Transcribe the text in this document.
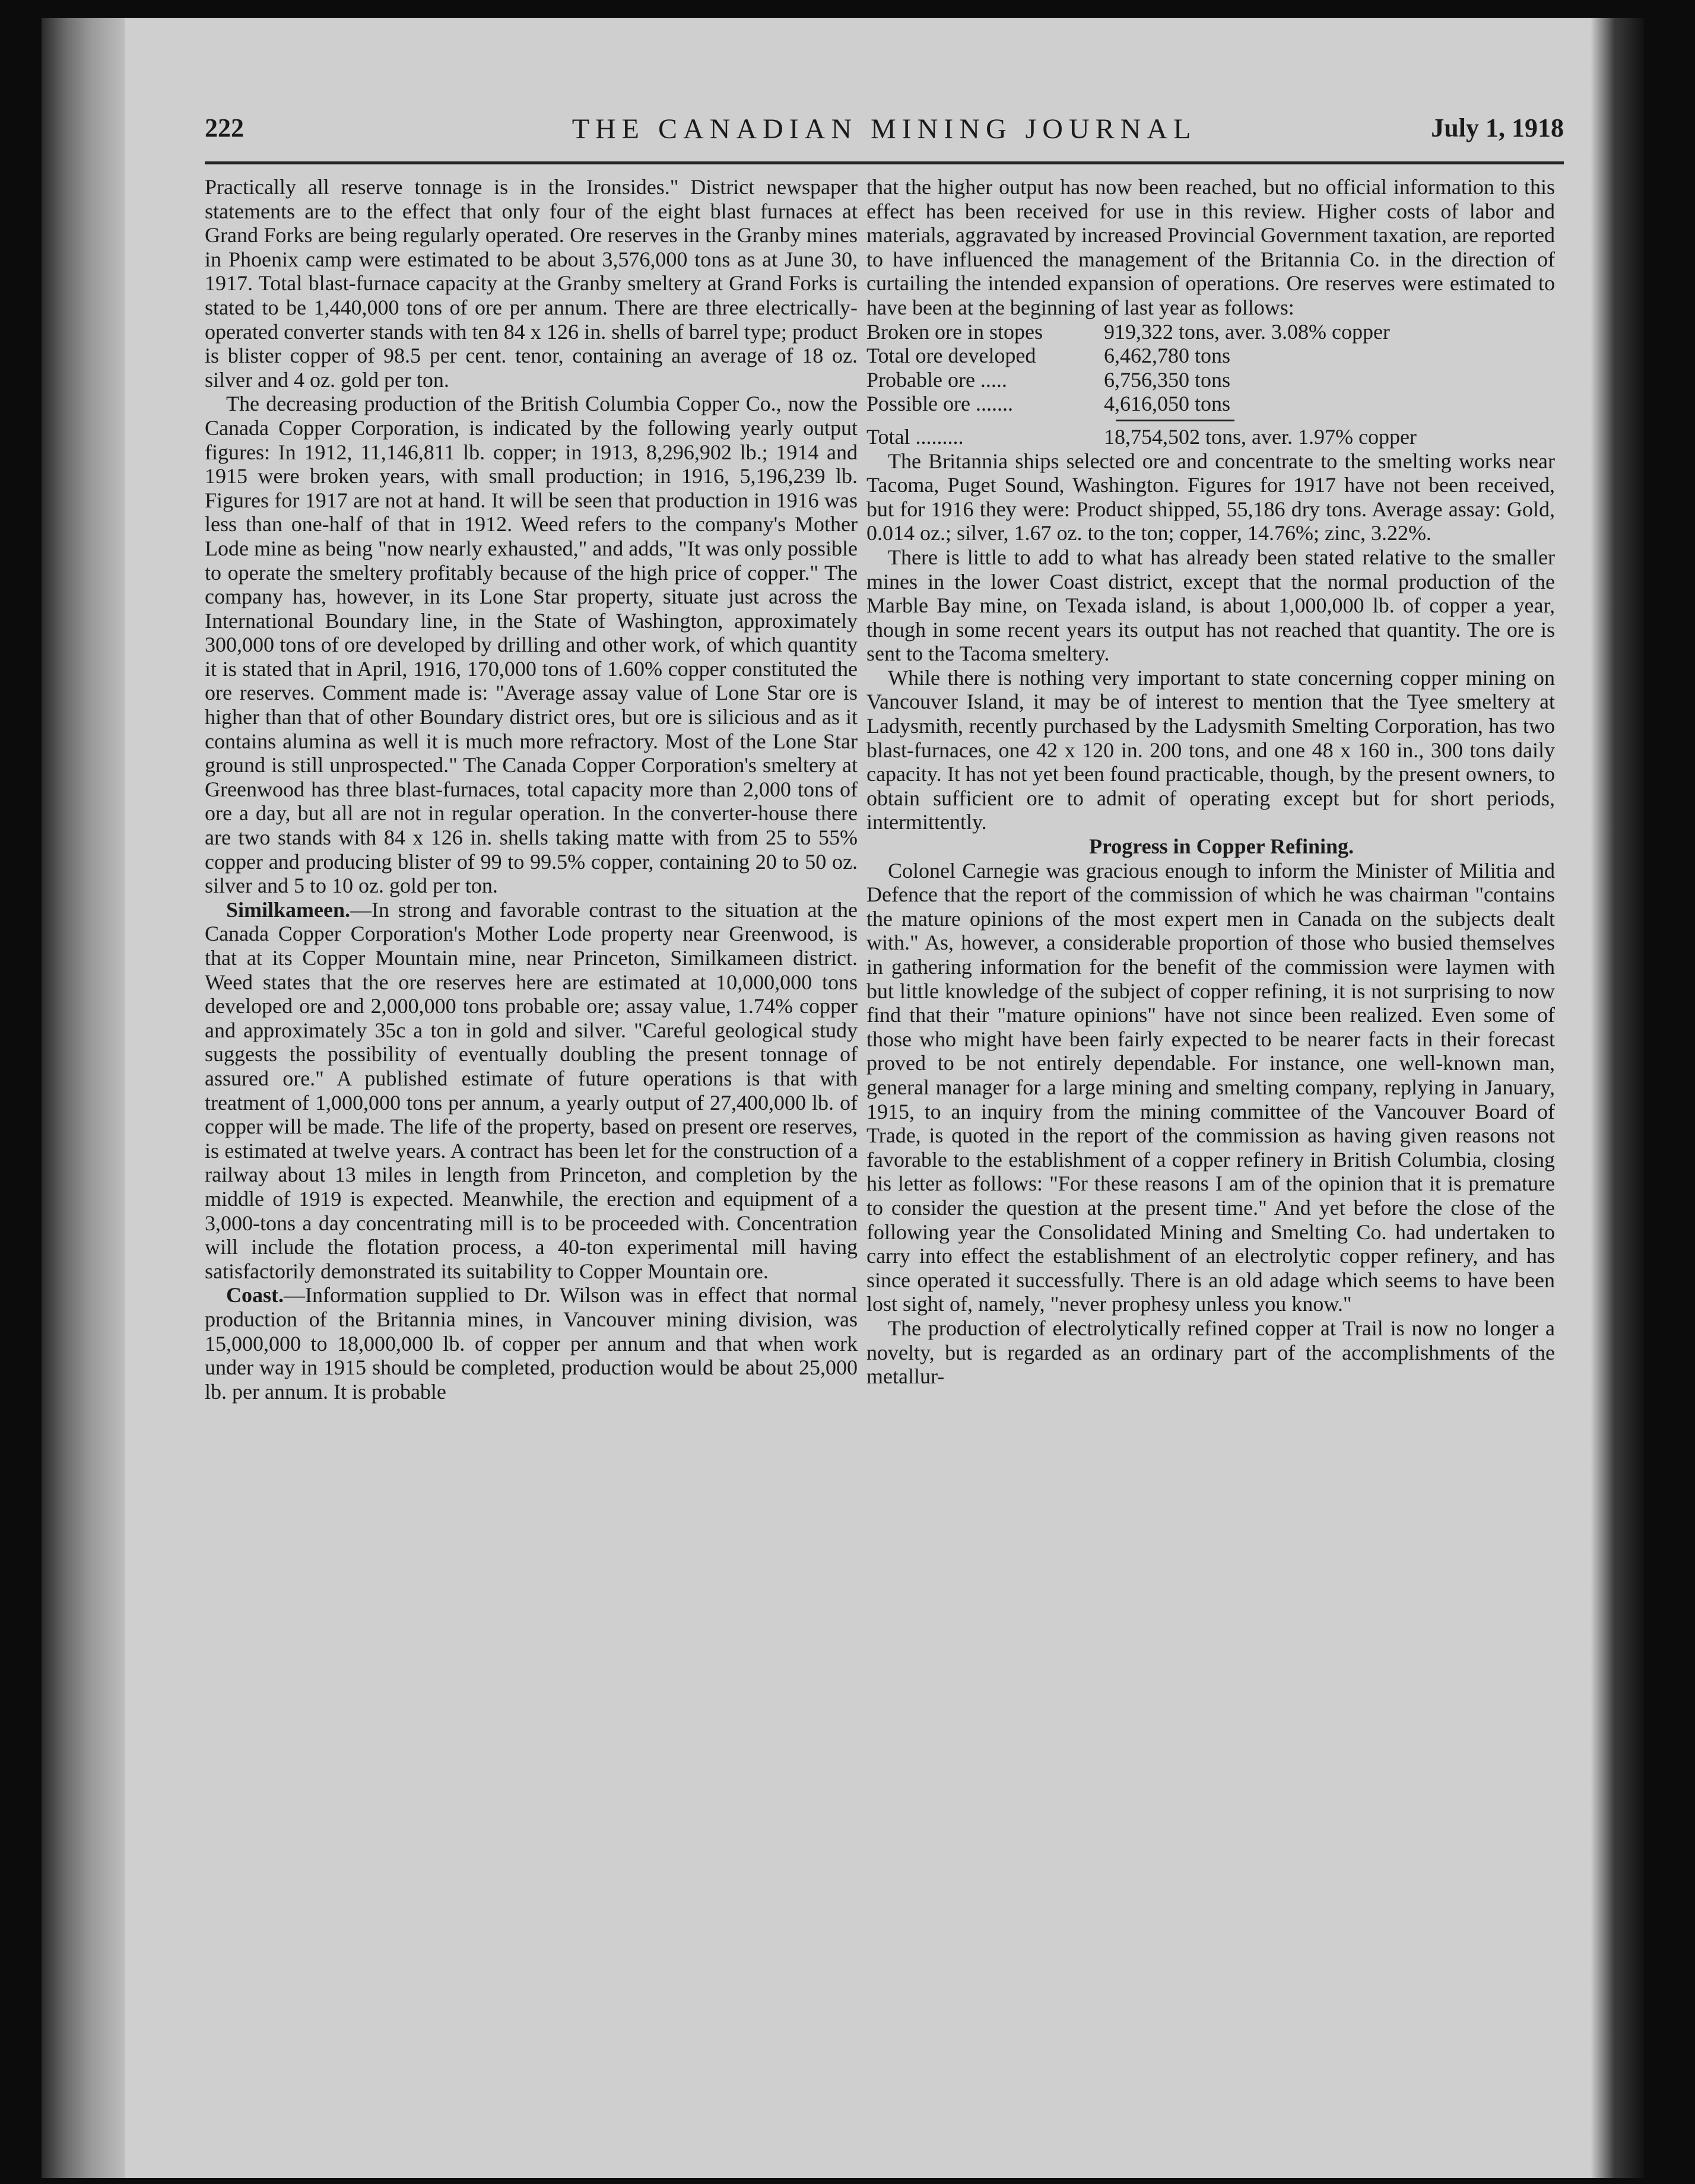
222	THE CANADIAN MINING JOURNAL	July 1, 1918

Practically all reserve tonnage is in the Ironsides." District newspaper statements are to the effect that only four of the eight blast furnaces at Grand Forks are being regularly operated. Ore reserves in the Granby mines in Phoenix camp were estimated to be about 3,576,000 tons as at June 30, 1917. Total blast-furnace capacity at the Granby smeltery at Grand Forks is stated to be 1,440,000 tons of ore per annum. There are three electrically-operated converter stands with ten 84 x 126 in. shells of barrel type; product is blister copper of 98.5 per cent. tenor, containing an average of 18 oz. silver and 4 oz. gold per ton.

The decreasing production of the British Columbia Copper Co., now the Canada Copper Corporation, is indicated by the following yearly output figures: In 1912, 11,146,811 lb. copper; in 1913, 8,296,902 lb.; 1914 and 1915 were broken years, with small production; in 1916, 5,196,239 lb. Figures for 1917 are not at hand. It will be seen that production in 1916 was less than one-half of that in 1912. Weed refers to the company's Mother Lode mine as being "now nearly exhausted," and adds, "It was only possible to operate the smeltery profitably because of the high price of copper." The company has, however, in its Lone Star property, situate just across the International Boundary line, in the State of Washington, approximately 300,000 tons of ore developed by drilling and other work, of which quantity it is stated that in April, 1916, 170,000 tons of 1.60% copper constituted the ore reserves. Comment made is: "Average assay value of Lone Star ore is higher than that of other Boundary district ores, but ore is silicious and as it contains alumina as well it is much more refractory. Most of the Lone Star ground is still unprospected." The Canada Copper Corporation's smeltery at Greenwood has three blast-furnaces, total capacity more than 2,000 tons of ore a day, but all are not in regular operation. In the converter-house there are two stands with 84 x 126 in. shells taking matte with from 25 to 55% copper and producing blister of 99 to 99.5% copper, containing 20 to 50 oz. silver and 5 to 10 oz. gold per ton.

Similkameen.—In strong and favorable contrast to the situation at the Canada Copper Corporation's Mother Lode property near Greenwood, is that at its Copper Mountain mine, near Princeton, Similkameen district. Weed states that the ore reserves here are estimated at 10,000,000 tons developed ore and 2,000,000 tons probable ore; assay value, 1.74% copper and approximately 35c a ton in gold and silver. "Careful geological study suggests the possibility of eventually doubling the present tonnage of assured ore." A published estimate of future operations is that with treatment of 1,000,000 tons per annum, a yearly output of 27,400,000 lb. of copper will be made. The life of the property, based on present ore reserves, is estimated at twelve years. A contract has been let for the construction of a railway about 13 miles in length from Princeton, and completion by the middle of 1919 is expected. Meanwhile, the erection and equipment of a 3,000-tons a day concentrating mill is to be proceeded with. Concentration will include the flotation process, a 40-ton experimental mill having satisfactorily demonstrated its suitability to Copper Mountain ore.

Coast.—Information supplied to Dr. Wilson was in effect that normal production of the Britannia mines, in Vancouver mining division, was 15,000,000 to 18,000,000 lb. of copper per annum and that when work under way in 1915 should be completed, production would be about 25,000 lb. per annum. It is probable

that the higher output has now been reached, but no official information to this effect has been received for use in this review. Higher costs of labor and materials, aggravated by increased Provincial Government taxation, are reported to have influenced the management of the Britannia Co. in the direction of curtailing the intended expansion of operations. Ore reserves were estimated to have been at the beginning of last year as follows:

Broken ore in stopes	919,322 tons, aver. 3.08% copper
Total ore developed	6,462,780 tons
Probable ore .....	6,756,350 tons
Possible ore .......	4,616,050 tons
Total .........	18,754,502 tons, aver. 1.97% copper

The Britannia ships selected ore and concentrate to the smelting works near Tacoma, Puget Sound, Washington. Figures for 1917 have not been received, but for 1916 they were: Product shipped, 55,186 dry tons. Average assay: Gold, 0.014 oz.; silver, 1.67 oz. to the ton; copper, 14.76%; zinc, 3.22%.

There is little to add to what has already been stated relative to the smaller mines in the lower Coast district, except that the normal production of the Marble Bay mine, on Texada island, is about 1,000,000 lb. of copper a year, though in some recent years its output has not reached that quantity. The ore is sent to the Tacoma smeltery.

While there is nothing very important to state concerning copper mining on Vancouver Island, it may be of interest to mention that the Tyee smeltery at Ladysmith, recently purchased by the Ladysmith Smelting Corporation, has two blast-furnaces, one 42 x 120 in. 200 tons, and one 48 x 160 in., 300 tons daily capacity. It has not yet been found practicable, though, by the present owners, to obtain sufficient ore to admit of operating except but for short periods, intermittently.

Progress in Copper Refining.

Colonel Carnegie was gracious enough to inform the Minister of Militia and Defence that the report of the commission of which he was chairman "contains the mature opinions of the most expert men in Canada on the subjects dealt with." As, however, a considerable proportion of those who busied themselves in gathering information for the benefit of the commission were laymen with but little knowledge of the subject of copper refining, it is not surprising to now find that their "mature opinions" have not since been realized. Even some of those who might have been fairly expected to be nearer facts in their forecast proved to be not entirely dependable. For instance, one well-known man, general manager for a large mining and smelting company, replying in January, 1915, to an inquiry from the mining committee of the Vancouver Board of Trade, is quoted in the report of the commission as having given reasons not favorable to the establishment of a copper refinery in British Columbia, closing his letter as follows: "For these reasons I am of the opinion that it is premature to consider the question at the present time." And yet before the close of the following year the Consolidated Mining and Smelting Co. had undertaken to carry into effect the establishment of an electrolytic copper refinery, and has since operated it successfully. There is an old adage which seems to have been lost sight of, namely, "never prophesy unless you know."

The production of electrolytically refined copper at Trail is now no longer a novelty, but is regarded as an ordinary part of the accomplishments of the metallur-
